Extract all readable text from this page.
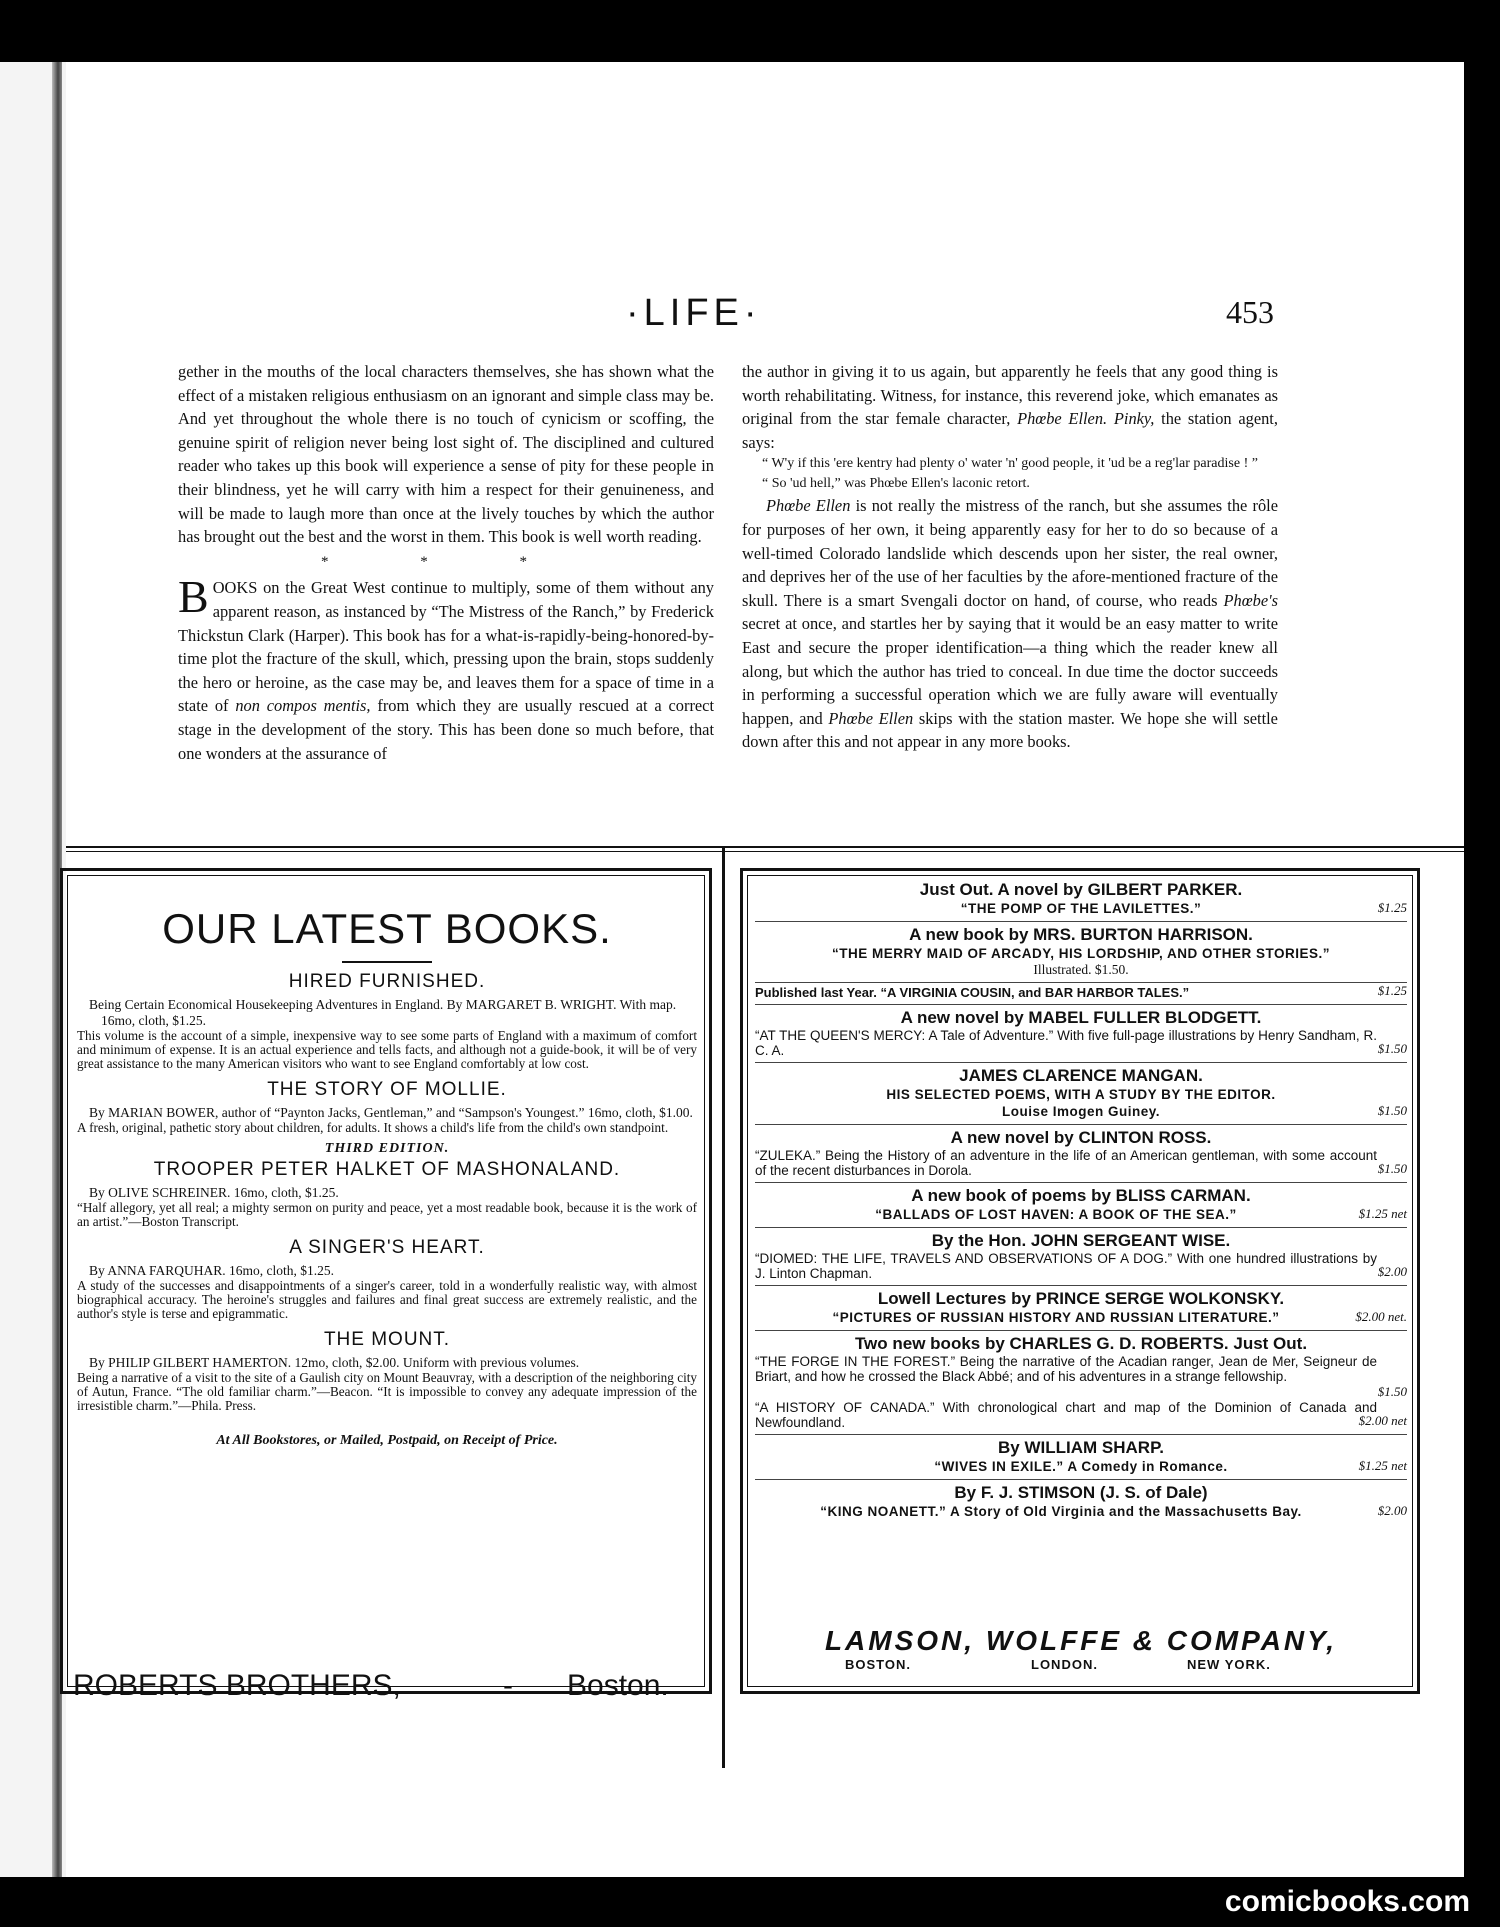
·LIFE·	453

gether in the mouths of the local characters themselves, she has shown what the effect of a mistaken religious enthusiasm on an ignorant and simple class may be. And yet throughout the whole there is no touch of cynicism or scoffing, the genuine spirit of religion never being lost sight of. The disciplined and cultured reader who takes up this book will experience a sense of pity for these people in their blindness, yet he will carry with him a respect for their genuineness, and will be made to laugh more than once at the lively touches by which the author has brought out the best and the worst in them. This book is well worth reading.

* * *

BOOKS on the Great West continue to multiply, some of them without any apparent reason, as instanced by “The Mistress of the Ranch,” by Frederick Thickstun Clark (Harper). This book has for a what-is-rapidly-being-honored-by-time plot the fracture of the skull, which, pressing upon the brain, stops suddenly the hero or heroine, as the case may be, and leaves them for a space of time in a state of non compos mentis, from which they are usually rescued at a correct stage in the development of the story. This has been done so much before, that one wonders at the assurance of

the author in giving it to us again, but apparently he feels that any good thing is worth rehabilitating. Witness, for instance, this reverend joke, which emanates as original from the star female character, Phœbe Ellen. Pinky, the station agent, says:

“ W'y if this 'ere kentry had plenty o' water 'n' good people, it 'ud be a reg'lar paradise ! ”

“ So 'ud hell,” was Phœbe Ellen's laconic retort.

Phœbe Ellen is not really the mistress of the ranch, but she assumes the rôle for purposes of her own, it being apparently easy for her to do so because of a well-timed Colorado landslide which descends upon her sister, the real owner, and deprives her of the use of her faculties by the afore-mentioned fracture of the skull. There is a smart Svengali doctor on hand, of course, who reads Phœbe's secret at once, and startles her by saying that it would be an easy matter to write East and secure the proper identification—a thing which the reader knew all along, but which the author has tried to conceal. In due time the doctor succeeds in performing a successful operation which we are fully aware will eventually happen, and Phœbe Ellen skips with the station master. We hope she will settle down after this and not appear in any more books.

OUR LATEST BOOKS.
HIRED FURNISHED.
Being Certain Economical Housekeeping Adventures in England. By MARGARET B. WRIGHT. With map. 16mo, cloth, $1.25.
This volume is the account of a simple, inexpensive way to see some parts of England with a maximum of comfort and minimum of expense. It is an actual experience and tells facts, and although not a guide-book, it will be of very great assistance to the many American visitors who want to see England comfortably at low cost.
THE STORY OF MOLLIE.
By MARIAN BOWER, author of “Paynton Jacks, Gentleman,” and “Sampson's Youngest.” 16mo, cloth, $1.00.
A fresh, original, pathetic story about children, for adults. It shows a child's life from the child's own standpoint.
THIRD EDITION.
TROOPER PETER HALKET OF MASHONALAND.
By OLIVE SCHREINER. 16mo, cloth, $1.25.
“Half allegory, yet all real; a mighty sermon on purity and peace, yet a most readable book, because it is the work of an artist.”—Boston Transcript.
A SINGER'S HEART.
By ANNA FARQUHAR. 16mo, cloth, $1.25.
A study of the successes and disappointments of a singer's career, told in a wonderfully realistic way, with almost biographical accuracy. The heroine's struggles and failures and final great success are extremely realistic, and the author's style is terse and epigrammatic.
THE MOUNT.
By PHILIP GILBERT HAMERTON. 12mo, cloth, $2.00. Uniform with previous volumes.
Being a narrative of a visit to the site of a Gaulish city on Mount Beauvray, with a description of the neighboring city of Autun, France. “The old familiar charm.”—Beacon. “It is impossible to convey any adequate impression of the irresistible charm.”—Phila. Press.
At All Bookstores, or Mailed, Postpaid, on Receipt of Price.
ROBERTS BROTHERS,	- Boston.
Just Out. A novel by GILBERT PARKER.
“THE POMP OF THE LAVILETTES.”	$1.25
A new book by MRS. BURTON HARRISON.
“THE MERRY MAID OF ARCADY, HIS LORDSHIP, AND OTHER STORIES.”
Illustrated. $1.50.
Published last Year. “A VIRGINIA COUSIN, and BAR HARBOR TALES.”	$1.25
A new novel by MABEL FULLER BLODGETT.
“AT THE QUEEN'S MERCY: A Tale of Adventure.” With five full-page illustrations by Henry Sandham, R. C. A.	$1.50
JAMES CLARENCE MANGAN.
HIS SELECTED POEMS, WITH A STUDY BY THE EDITOR.
Louise Imogen Guiney.	$1.50
A new novel by CLINTON ROSS.
“ZULEKA.” Being the History of an adventure in the life of an American gentleman, with some account of the recent disturbances in Dorola.	$1.50
A new book of poems by BLISS CARMAN.
“BALLADS OF LOST HAVEN: A BOOK OF THE SEA.”	$1.25 net
By the Hon. JOHN SERGEANT WISE.
“DIOMED: THE LIFE, TRAVELS AND OBSERVATIONS OF A DOG.” With one hundred illustrations by J. Linton Chapman.	$2.00
Lowell Lectures by PRINCE SERGE WOLKONSKY.
“PICTURES OF RUSSIAN HISTORY AND RUSSIAN LITERATURE.”	$2.00 net.
Two new books by CHARLES G. D. ROBERTS. Just Out.
“THE FORGE IN THE FOREST.” Being the narrative of the Acadian ranger, Jean de Mer, Seigneur de Briart, and how he crossed the Black Abbé; and of his adventures in a strange fellowship.
$1.50
“A HISTORY OF CANADA.” With chronological chart and map of the Dominion of Canada and Newfoundland.	$2.00 net
By WILLIAM SHARP.
“WIVES IN EXILE.” A Comedy in Romance.	$1.25 net
By F. J. STIMSON (J. S. of Dale)
“KING NOANETT.” A Story of Old Virginia and the Massachusetts Bay.	$2.00
LAMSON, WOLFFE & COMPANY,
BOSTON.	LONDON.	NEW YORK.
comicbooks.com
